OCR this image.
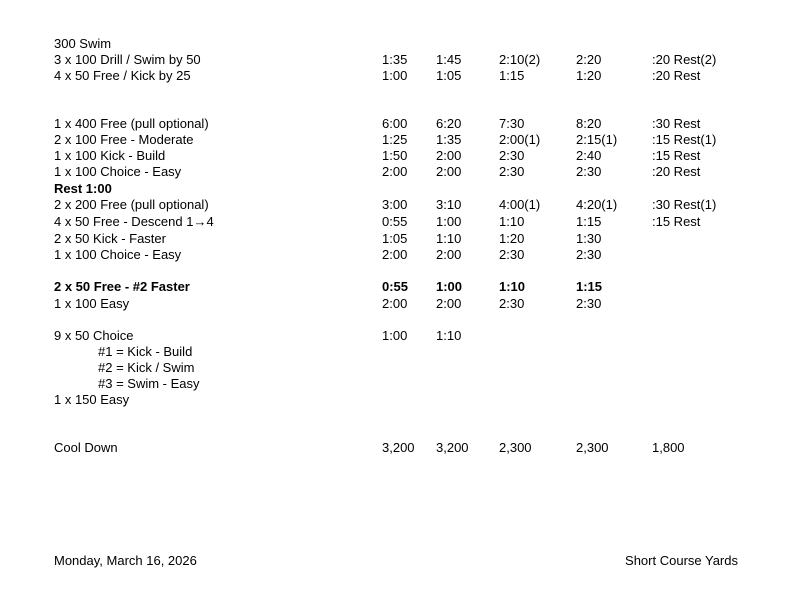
300 Swim
3 x 100 Drill / Swim by 50	1:35 1:45	2:10(2)	2:20	:20 Rest(2)
4 x 50 Free / Kick by 25	1:00 1:05	1:15	1:20	:20 Rest
1 x 400 Free (pull optional)	6:00 6:20	7:30	8:20	:30 Rest
2 x 100 Free - Moderate	1:25 1:35	2:00(1)	2:15(1)	:15 Rest(1)
1 x 100 Kick - Build	1:50 2:00	2:30	2:40	:15 Rest
1 x 100 Choice - Easy	2:00 2:00	2:30	2:30	:20 Rest
Rest 1:00
2 x 200 Free (pull optional)	3:00 3:10	4:00(1)	4:20(1)	:30 Rest(1)
4 x 50 Free - Descend 1→4	0:55 1:00	1:10	1:15	:15 Rest
2 x 50 Kick - Faster	1:05 1:10	1:20	1:30
1 x 100 Choice - Easy	2:00 2:00	2:30	2:30
2 x 50 Free - #2 Faster	0:55 1:00	1:10	1:15
1 x 100 Easy	2:00 2:00	2:30	2:30
9 x 50 Choice	1:00 1:10
#1 = Kick - Build
#2 = Kick / Swim
#3 = Swim - Easy
1 x 150 Easy
Cool Down	3,200 3,200 2,300	2,300	1,800
Monday, March 16, 2026	Short Course Yards
